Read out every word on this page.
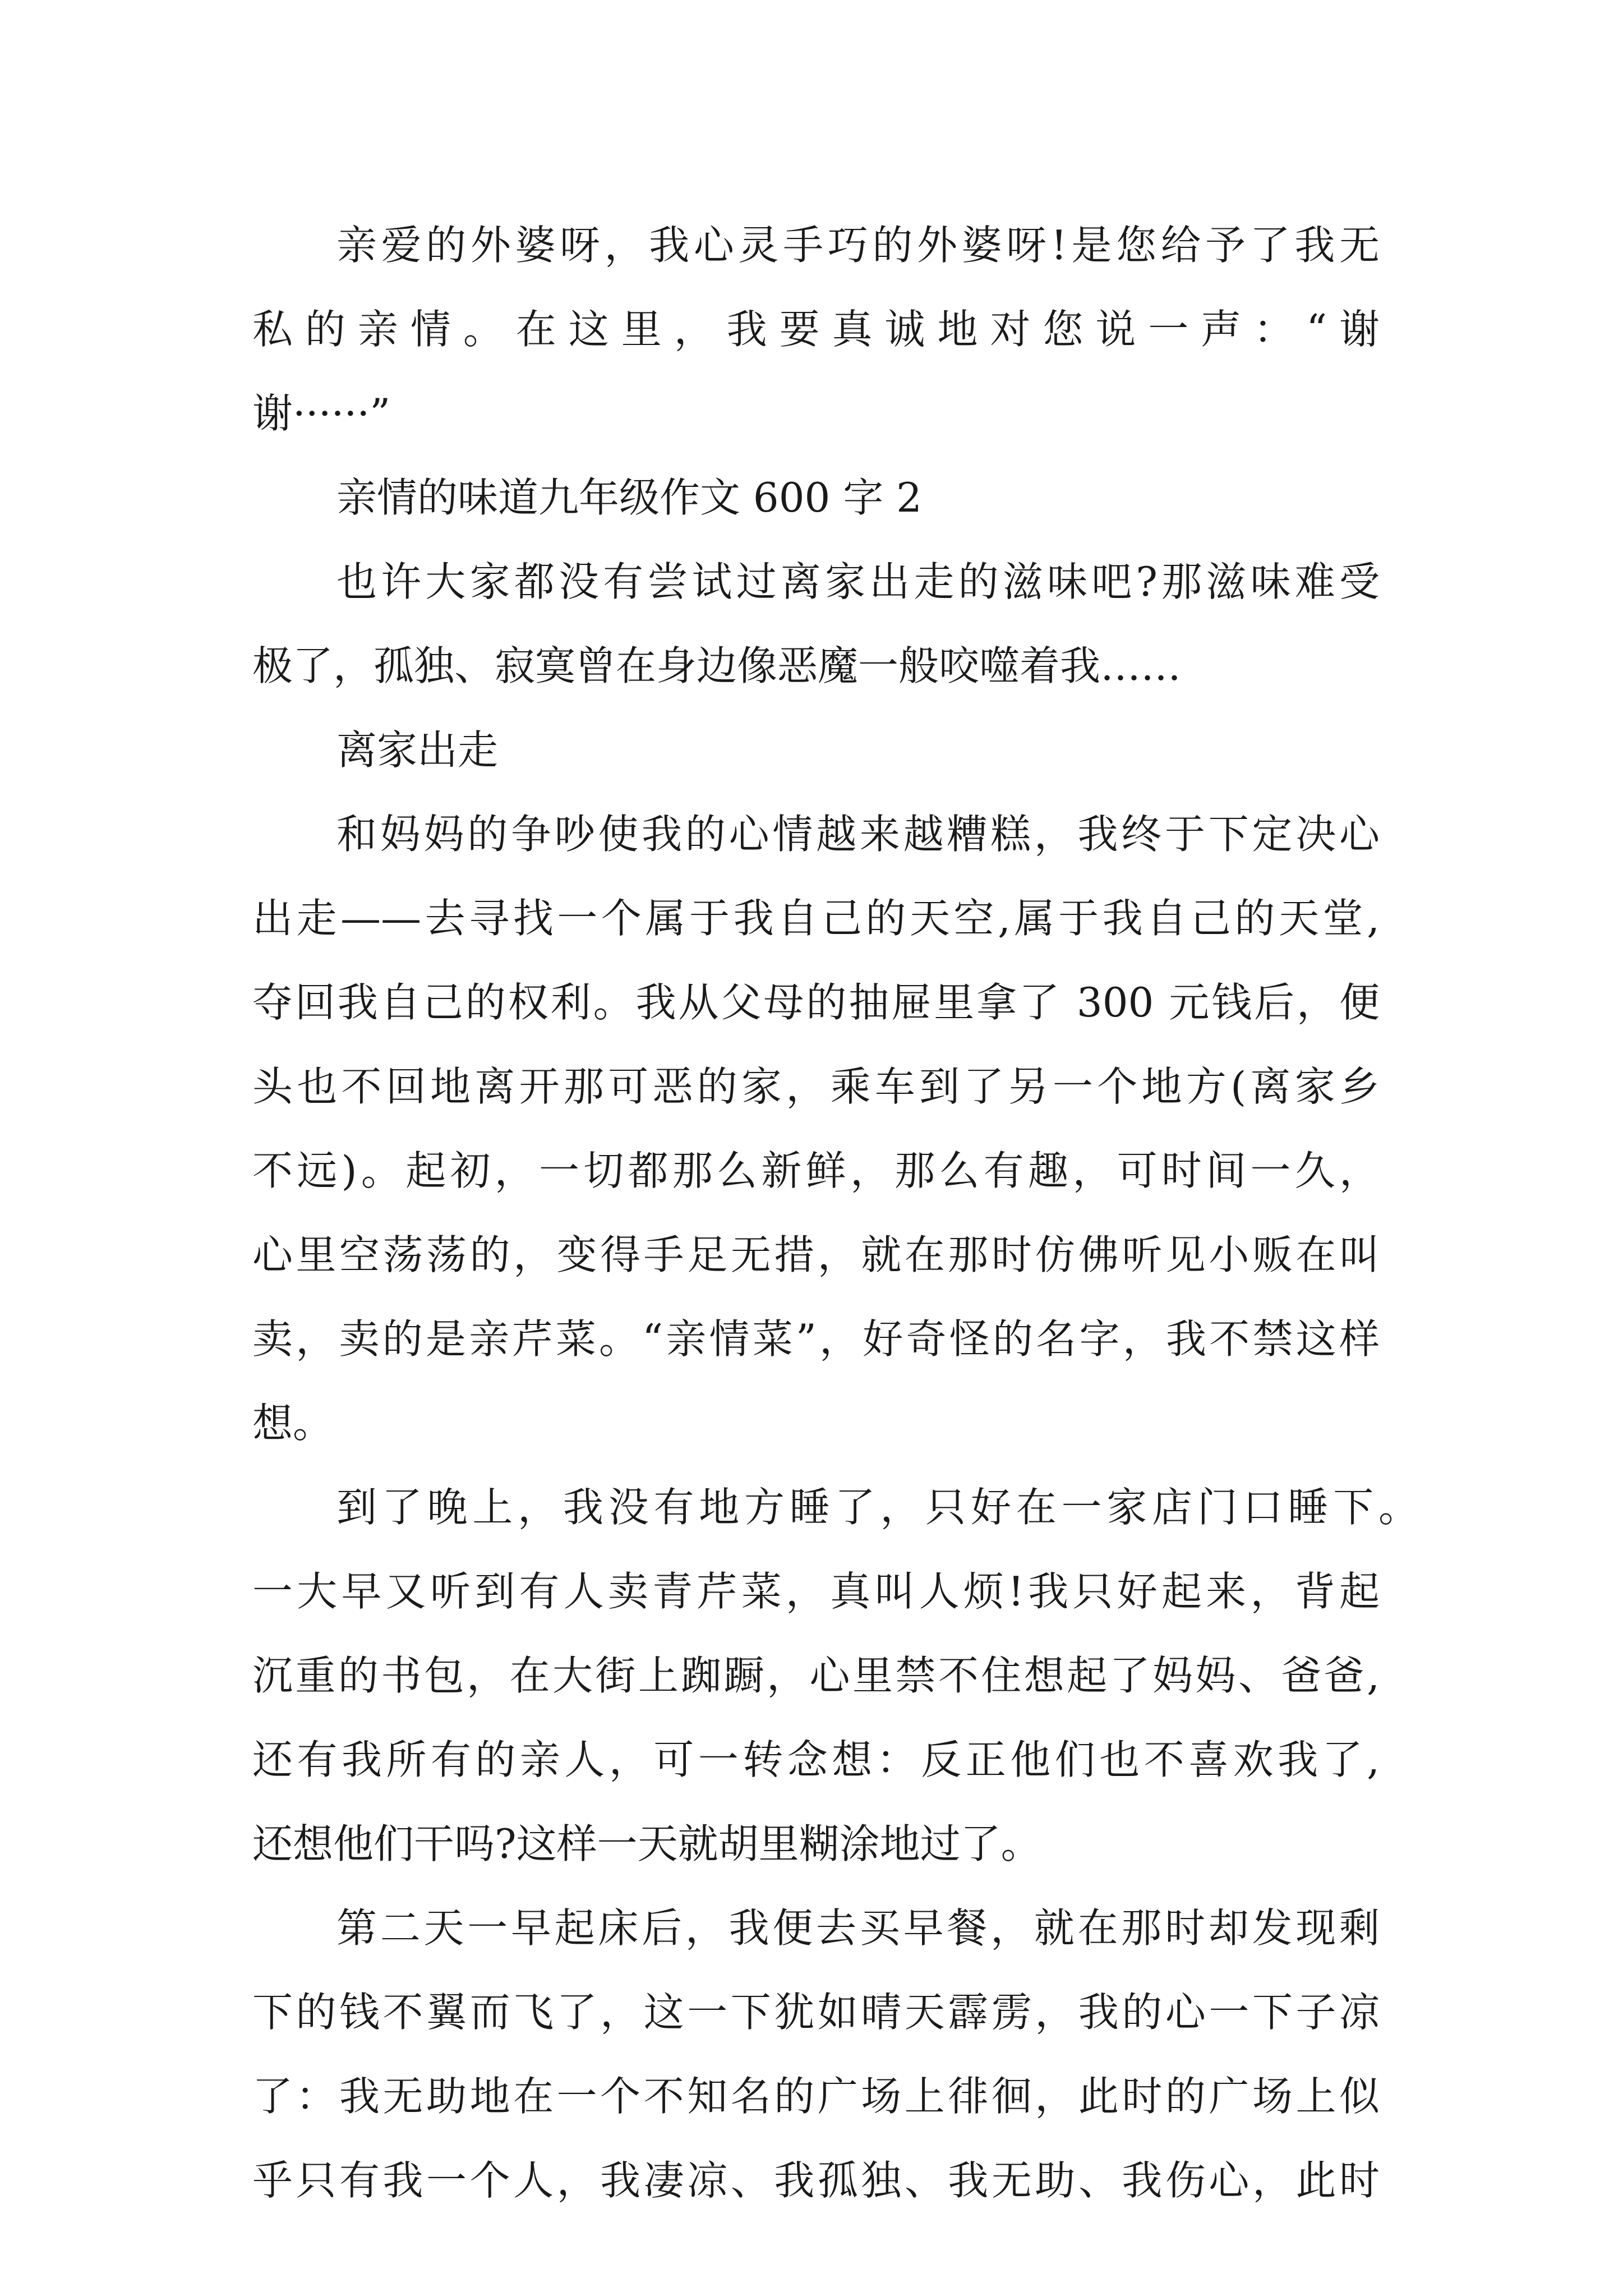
亲爱的外婆呀，我心灵手巧的外婆呀!是您给予了我无
私的亲情。在这里，我要真诚地对您说一声：“谢
谢······”
亲情的味道九年级作文 600 字 2
也许大家都没有尝试过离家出走的滋味吧?那滋味难受
极了，孤独、寂寞曾在身边像恶魔一般咬噬着我……
离家出走
和妈妈的争吵使我的心情越来越糟糕，我终于下定决心
出走——去寻找一个属于我自己的天空,属于我自己的天堂,
夺回我自己的权利。我从父母的抽屉里拿了 300 元钱后，便
头也不回地离开那可恶的家，乘车到了另一个地方(离家乡
不远)。起初，一切都那么新鲜，那么有趣，可时间一久，
心里空荡荡的，变得手足无措，就在那时仿佛听见小贩在叫
卖，卖的是亲芹菜。“亲情菜”，好奇怪的名字，我不禁这样
想。
到了晚上，我没有地方睡了，只好在一家店门口睡下。
一大早又听到有人卖青芹菜，真叫人烦!我只好起来，背起
沉重的书包，在大街上踟蹰，心里禁不住想起了妈妈、爸爸,
还有我所有的亲人，可一转念想：反正他们也不喜欢我了,
还想他们干吗?这样一天就胡里糊涂地过了。
第二天一早起床后，我便去买早餐，就在那时却发现剩
下的钱不翼而飞了，这一下犹如晴天霹雳，我的心一下子凉
了：我无助地在一个不知名的广场上徘徊，此时的广场上似
乎只有我一个人，我凄凉、我孤独、我无助、我伤心，此时
